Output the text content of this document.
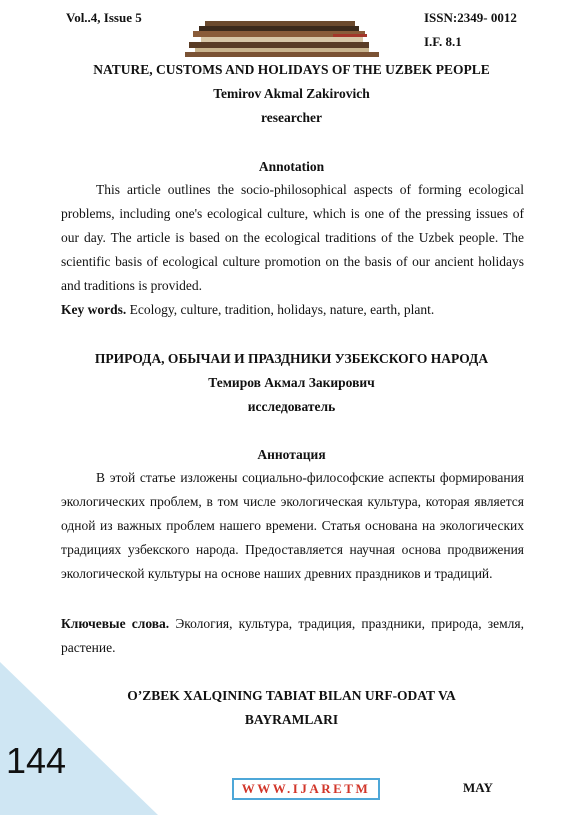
Vol..4, Issue 5	ISSN:2349- 0012
I.F. 8.1
NATURE, CUSTOMS AND HOLIDAYS OF THE UZBEK PEOPLE
Temirov Akmal Zakirovich
researcher
Annotation

This article outlines the socio-philosophical aspects of forming ecological problems, including one's ecological culture, which is one of the pressing issues of our day. The article is based on the ecological traditions of the Uzbek people. The scientific basis of ecological culture promotion on the basis of our ancient holidays and traditions is provided.

Key words. Ecology, culture, tradition, holidays, nature, earth, plant.

ПРИРОДА, ОБЫЧАИ И ПРАЗДНИКИ УЗБЕКСКОГО НАРОДА
Темиров Акмал Закирович
исследователь
Аннотация

В этой статье изложены социально-философские аспекты формирования экологических проблем, в том числе экологическая культура, которая является одной из важных проблем нашего времени. Статья основана на экологических традициях узбекского народа. Предоставляется научная основа продвижения экологической культуры на основе наших древних праздников и традиций.

Ключевые слова. Экология, культура, традиция, праздники, природа, земля, растение.

O’ZBEK XALQINING TABIAT BILAN URF-ODAT VA
BAYRAMLARI
144
WWW.IJARETM	MAY
